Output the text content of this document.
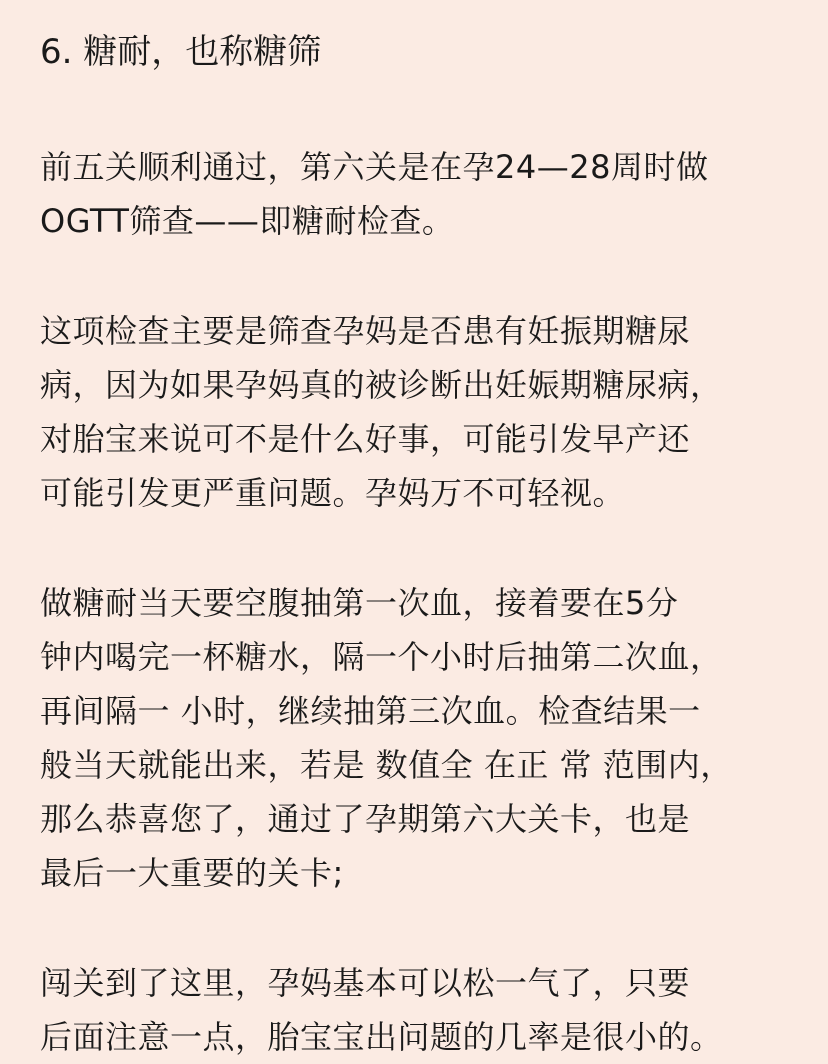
6. 糖耐，也称糖筛
前五关顺利通过，第六关是在孕24—28周时做
OGTT筛查——即糖耐检查。
这项检查主要是筛查孕妈是否患有妊振期糖尿
病，因为如果孕妈真的被诊断出妊娠期糖尿病，
对胎宝来说可不是什么好事，可能引发早产还
可能引发更严重问题。孕妈万不可轻视。
做糖耐当天要空腹抽第一次血，接着要在5分
钟内喝完一杯糖水，隔一个小时后抽第二次血，
再间隔一 小时，继续抽第三次血。检查结果一
般当天就能出来，若是 数值全 在正 常 范围内，
那么恭喜您了，通过了孕期第六大关卡，也是
最后一大重要的关卡;
闯关到了这里，孕妈基本可以松一气了，只要
后面注意一点，胎宝宝出问题的几率是很小的。
